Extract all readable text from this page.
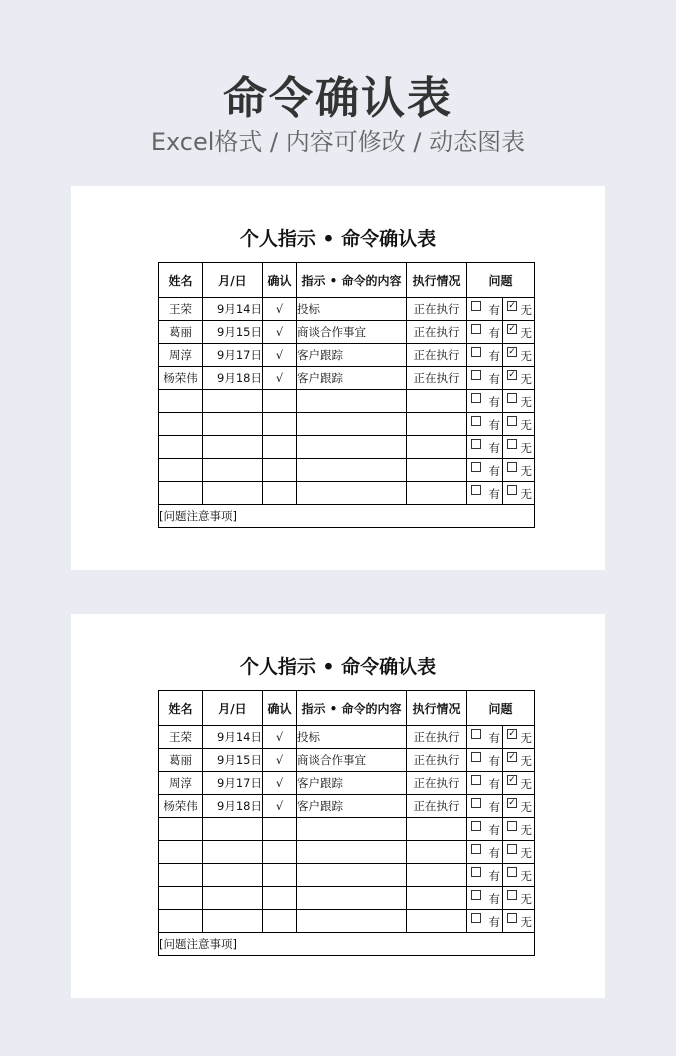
命令确认表
Excel格式 / 内容可修改 / 动态图表
个人指示 • 命令确认表
姓名	月/日	确认	指示 • 命令的内容	执行情况	问题	
王荣	9月14日	√	投标	正在执行	有	✓ 无

葛丽	9月15日	√	商谈合作事宜	正在执行	有	✓ 无

周淳	9月17日	√	客户跟踪	正在执行	有	✓ 无

杨荣伟	9月18日	√	客户跟踪	正在执行	有	✓ 无

					有	无

					有	无

					有	无

					有	无

					有	无

[问题注意事项]						
个人指示 • 命令确认表
姓名	月/日	确认	指示 • 命令的内容	执行情况	问题	
王荣	9月14日	√	投标	正在执行	有	✓ 无

葛丽	9月15日	√	商谈合作事宜	正在执行	有	✓ 无

周淳	9月17日	√	客户跟踪	正在执行	有	✓ 无

杨荣伟	9月18日	√	客户跟踪	正在执行	有	✓ 无

					有	无

					有	无

					有	无

					有	无

					有	无

[问题注意事项]						
